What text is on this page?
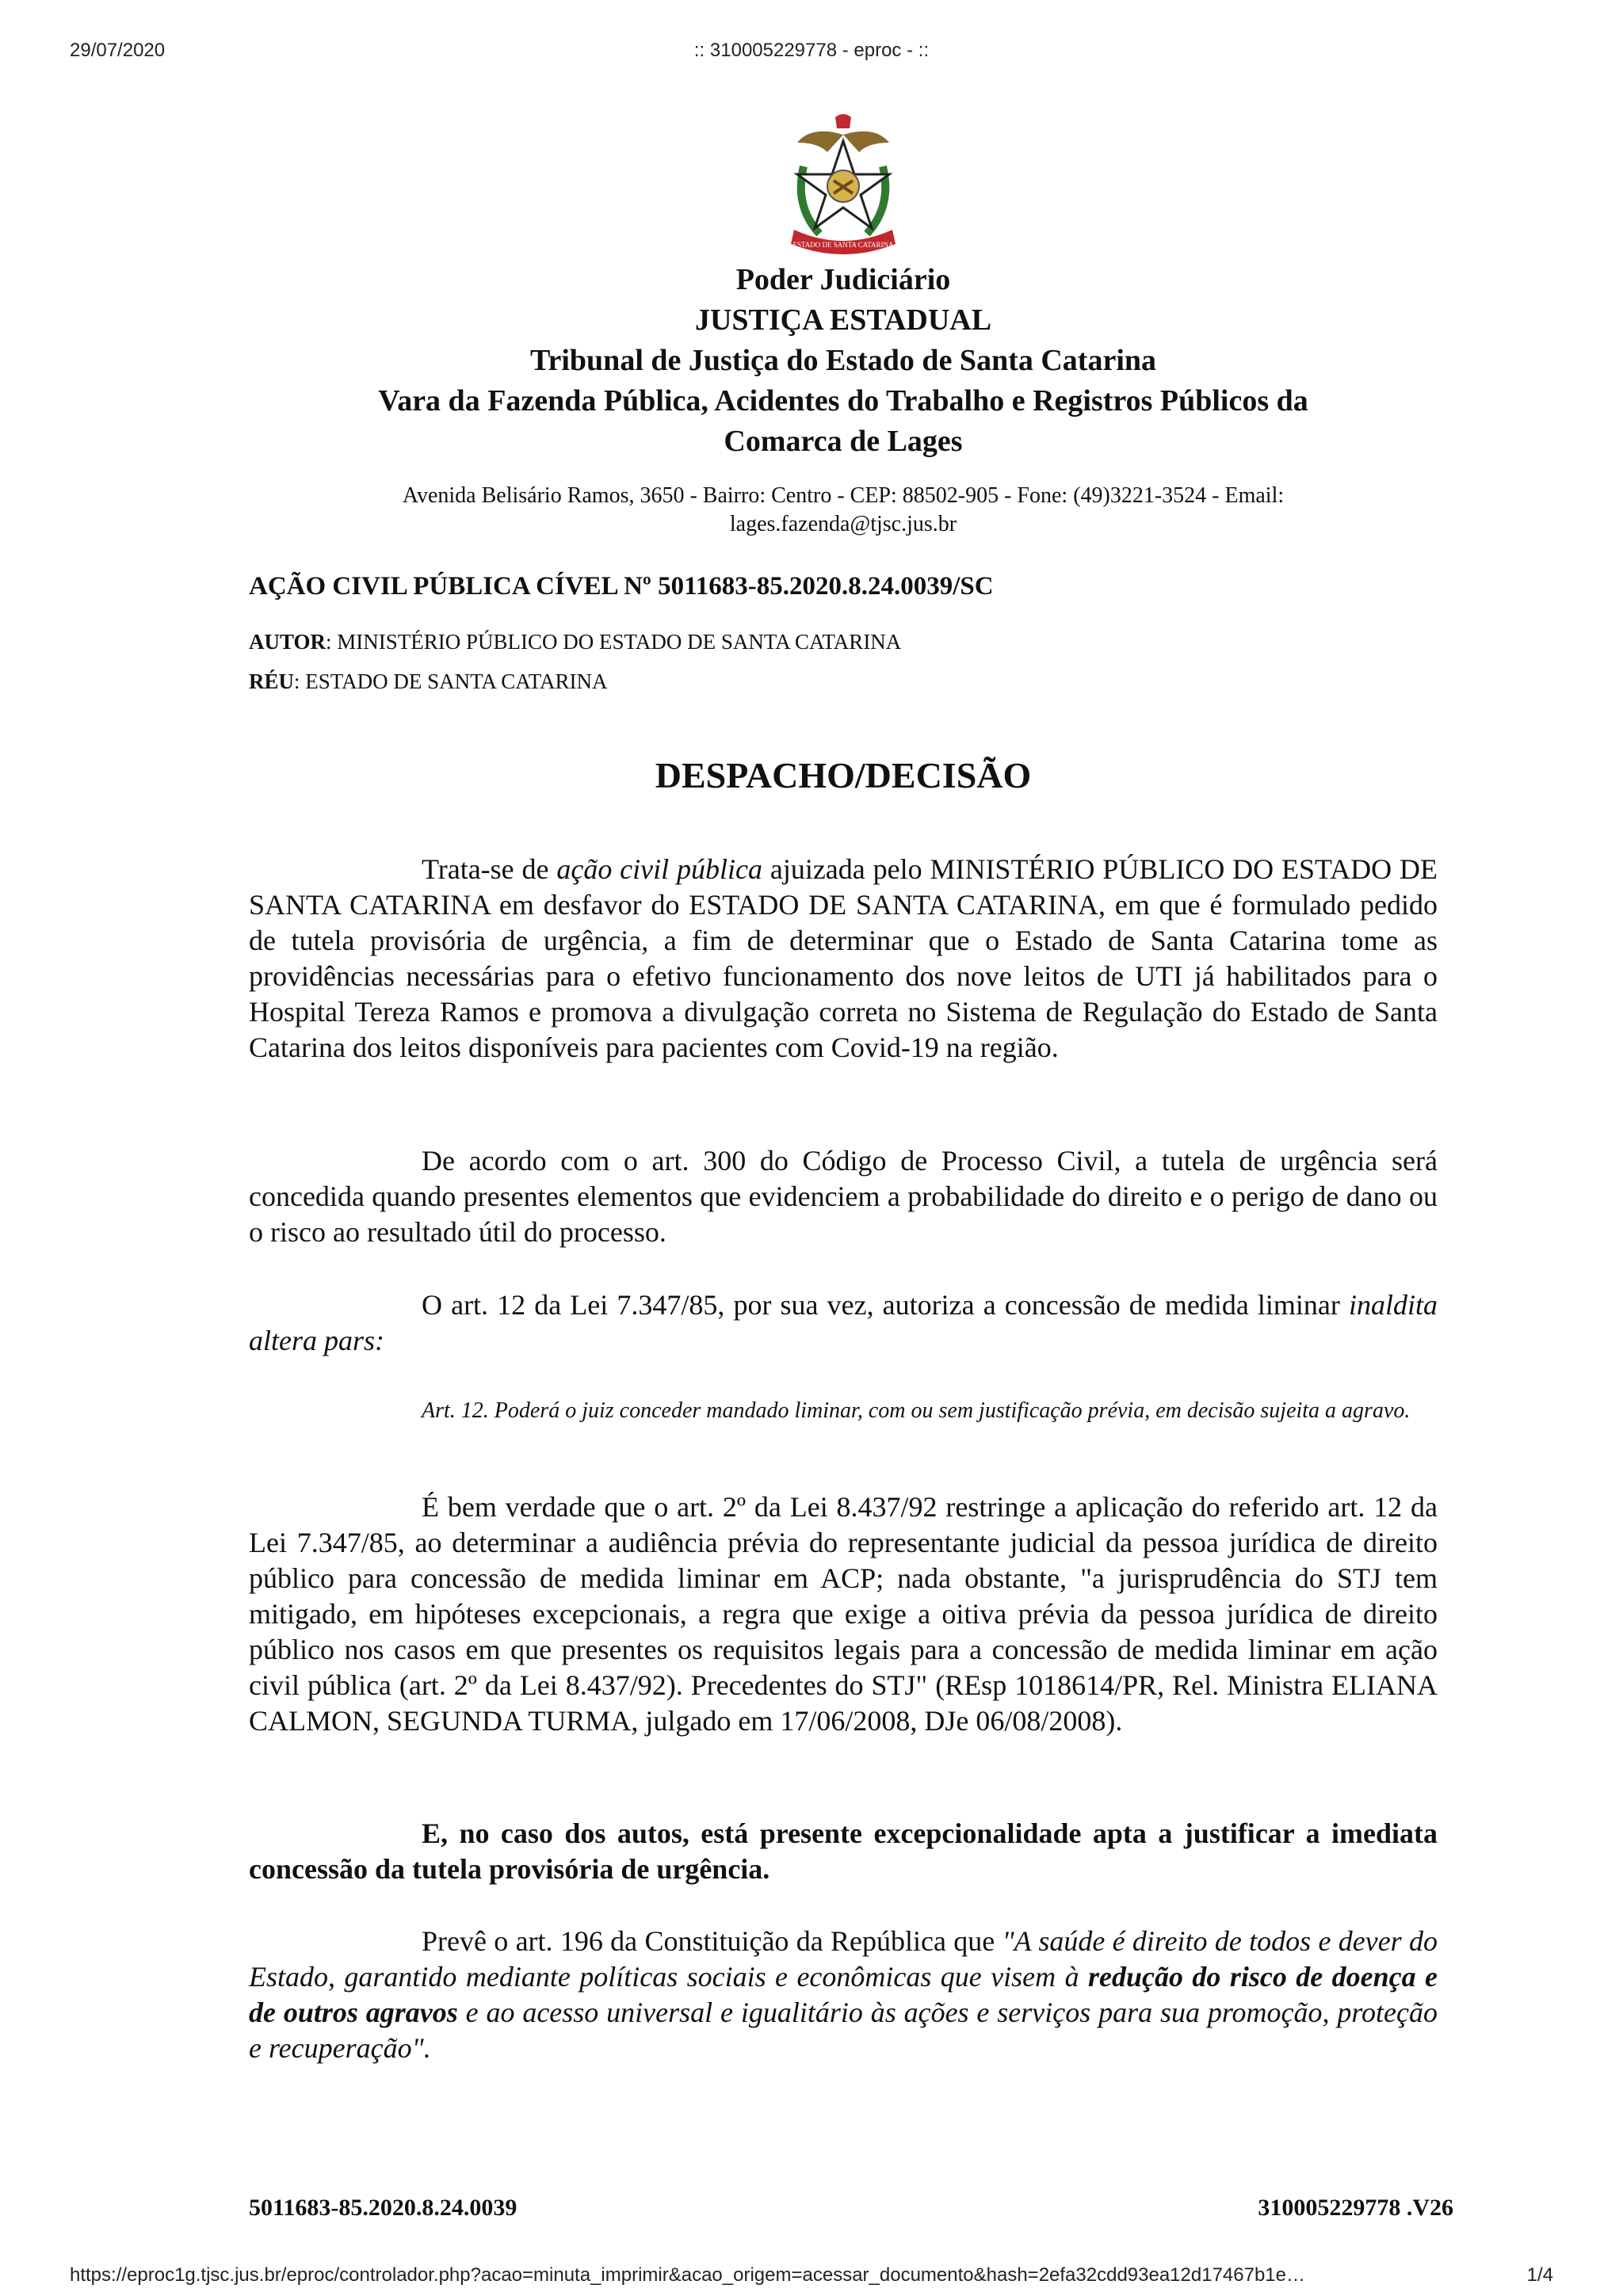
29/07/2020	:: 310005229778 - eproc - ::
ESTADO DE SANTA CATARINA
Poder Judiciário
JUSTIÇA ESTADUAL
Tribunal de Justiça do Estado de Santa Catarina
Vara da Fazenda Pública, Acidentes do Trabalho e Registros Públicos da
Comarca de Lages
Avenida Belisário Ramos, 3650 - Bairro: Centro - CEP: 88502-905 - Fone: (49)3221-3524 - Email:
lages.fazenda@tjsc.jus.br
AÇÃO CIVIL PÚBLICA CÍVEL Nº 5011683-85.2020.8.24.0039/SC
AUTOR: MINISTÉRIO PÚBLICO DO ESTADO DE SANTA CATARINA
RÉU: ESTADO DE SANTA CATARINA
DESPACHO/DECISÃO
Trata-se de ação civil pública ajuizada pelo MINISTÉRIO PÚBLICO DO ESTADO DE SANTA CATARINA em desfavor do ESTADO DE SANTA CATARINA, em que é formulado pedido de tutela provisória de urgência, a fim de determinar que o Estado de Santa Catarina tome as providências necessárias para o efetivo funcionamento dos nove leitos de UTI já habilitados para o Hospital Tereza Ramos e promova a divulgação correta no Sistema de Regulação do Estado de Santa Catarina dos leitos disponíveis para pacientes com Covid-19 na região.
De acordo com o art. 300 do Código de Processo Civil, a tutela de urgência será concedida quando presentes elementos que evidenciem a probabilidade do direito e o perigo de dano ou o risco ao resultado útil do processo.
O art. 12 da Lei 7.347/85, por sua vez, autoriza a concessão de medida liminar inaldita altera pars:
Art. 12. Poderá o juiz conceder mandado liminar, com ou sem justificação prévia, em decisão sujeita a agravo.
É bem verdade que o art. 2º da Lei 8.437/92 restringe a aplicação do referido art. 12 da Lei 7.347/85, ao determinar a audiência prévia do representante judicial da pessoa jurídica de direito público para concessão de medida liminar em ACP; nada obstante, "a jurisprudência do STJ tem mitigado, em hipóteses excepcionais, a regra que exige a oitiva prévia da pessoa jurídica de direito público nos casos em que presentes os requisitos legais para a concessão de medida liminar em ação civil pública (art. 2º da Lei 8.437/92). Precedentes do STJ" (REsp 1018614/PR, Rel. Ministra ELIANA CALMON, SEGUNDA TURMA, julgado em 17/06/2008, DJe 06/08/2008).
E, no caso dos autos, está presente excepcionalidade apta a justificar a imediata concessão da tutela provisória de urgência.
Prevê o art. 196 da Constituição da República que "A saúde é direito de todos e dever do Estado, garantido mediante políticas sociais e econômicas que visem à redução do risco de doença e de outros agravos e ao acesso universal e igualitário às ações e serviços para sua promoção, proteção e recuperação".
5011683-85.2020.8.24.0039	310005229778 .V26
https://eproc1g.tjsc.jus.br/eproc/controlador.php?acao=minuta_imprimir&acao_origem=acessar_documento&hash=2efa32cdd93ea12d17467b1e…	1/4
